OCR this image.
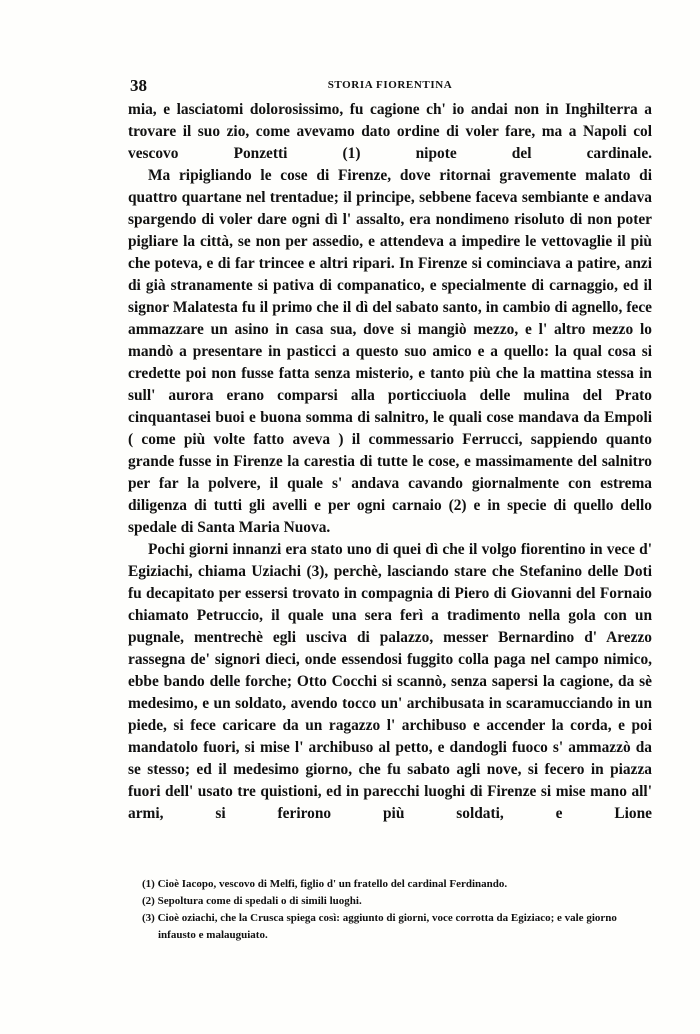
38	STORIA FIORENTINA

mia, e lasciatomi dolorosissimo, fu cagione ch' io andai non in Inghilterra a trovare il suo zio, come avevamo dato ordine di voler fare, ma a Napoli col vescovo Ponzetti (1) nipote del cardinale.

Ma ripigliando le cose di Firenze, dove ritornai gravemente malato di quattro quartane nel trentadue; il principe, sebbene faceva sembiante e andava spargendo di voler dare ogni dì l' assalto, era nondimeno risoluto di non poter pigliare la città, se non per assedio, e attendeva a impedire le vettovaglie il più che poteva, e di far trincee e altri ripari. In Firenze si cominciava a patire, anzi di già stranamente si pativa di companatico, e specialmente di carnaggio, ed il signor Malatesta fu il primo che il dì del sabato santo, in cambio di agnello, fece ammazzare un asino in casa sua, dove si mangiò mezzo, e l' altro mezzo lo mandò a presentare in pasticci a questo suo amico e a quello: la qual cosa si credette poi non fusse fatta senza misterio, e tanto più che la mattina stessa in sull' aurora erano comparsi alla porticciuola delle mulina del Prato cinquantasei buoi e buona somma di salnitro, le quali cose mandava da Empoli ( come più volte fatto aveva ) il commessario Ferrucci, sappiendo quanto grande fusse in Firenze la carestia di tutte le cose, e massimamente del salnitro per far la polvere, il quale s' andava cavando giornalmente con estrema diligenza di tutti gli avelli e per ogni carnaio (2) e in specie di quello dello spedale di Santa Maria Nuova.

Pochi giorni innanzi era stato uno di quei dì che il volgo fiorentino in vece d' Egiziachi, chiama Uziachi (3), perchè, lasciando stare che Stefanino delle Doti fu decapitato per essersi trovato in compagnia di Piero di Giovanni del Fornaio chiamato Petruccio, il quale una sera ferì a tradimento nella gola con un pugnale, mentrechè egli usciva di palazzo, messer Bernardino d' Arezzo rassegna de' signori dieci, onde essendosi fuggito colla paga nel campo nimico, ebbe bando delle forche; Otto Cocchi si scannò, senza sapersi la cagione, da sè medesimo, e un soldato, avendo tocco un' archibusata in scaramucciando in un piede, si fece caricare da un ragazzo l' archibuso e accender la corda, e poi mandatolo fuori, si mise l' archibuso al petto, e dandogli fuoco s' ammazzò da se stesso; ed il medesimo giorno, che fu sabato agli nove, si fecero in piazza fuori dell' usato tre quistioni, ed in parecchi luoghi di Firenze si mise mano all' armi, si ferirono più soldati, e Lione

(1) Cioè Iacopo, vescovo di Melfi, figlio d' un fratello del cardinal Ferdinando.

(2) Sepoltura come di spedali o di simili luoghi.

(3) Cioè oziachi, che la Crusca spiega così: aggiunto di giorni, voce corrotta da Egiziaco; e vale giorno infausto e malauguiato.
